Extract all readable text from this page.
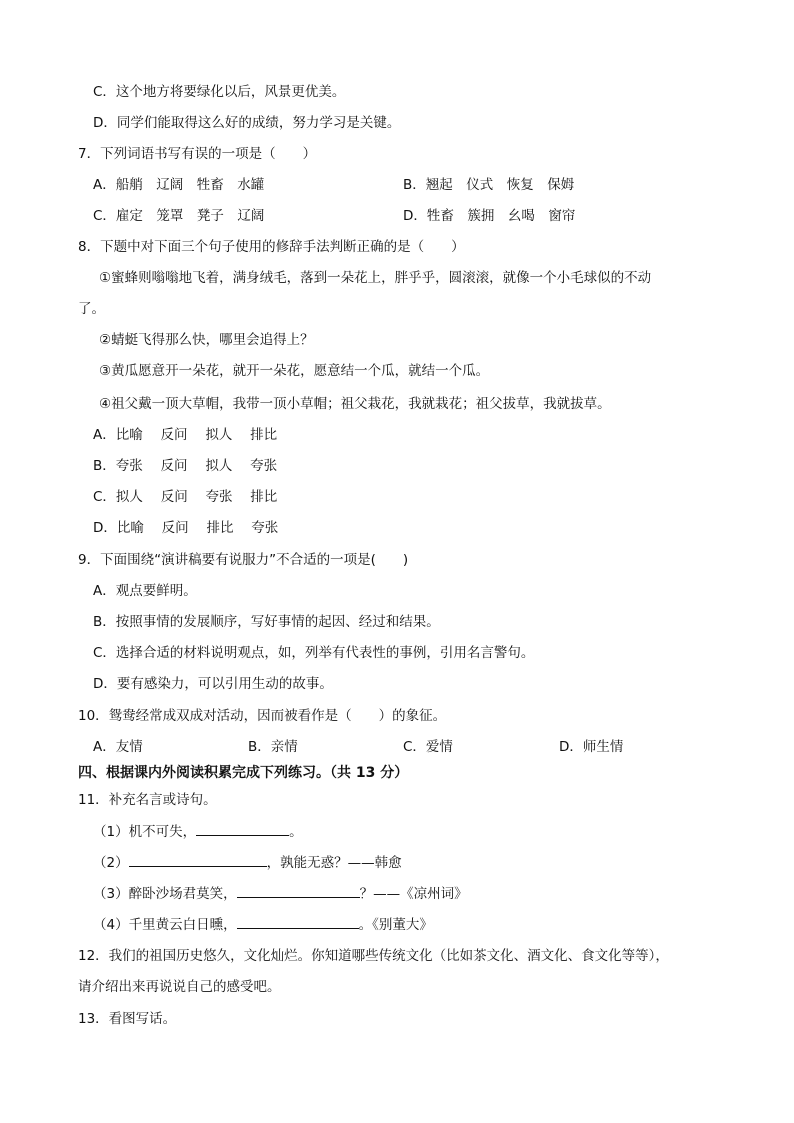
C．这个地方将要绿化以后，风景更优美。
D．同学们能取得这么好的成绩，努力学习是关键。
7．下列词语书写有误的一项是（　　）
A．船艄　辽阔　牲畜　水罐	B．翘起　仪式　恢复　保姆
C．雇定　笼罩　凳子　辽阔	D．牲畜　簇拥　幺喝　窗帘
8．下题中对下面三个句子使用的修辞手法判断正确的是（　　）
①蜜蜂则嗡嗡地飞着，满身绒毛，落到一朵花上，胖乎乎，圆滚滚，就像一个小毛球似的不动
了。
②蜻蜓飞得那么快，哪里会追得上？
③黄瓜愿意开一朵花，就开一朵花，愿意结一个瓜，就结一个瓜。
④祖父戴一顶大草帽，我带一顶小草帽；祖父栽花，我就栽花；祖父拔草，我就拔草。
A．比喻　 反问　 拟人　 排比
B．夸张　 反问　 拟人　 夸张
C．拟人　 反问　 夸张　 排比
D．比喻　 反问　 排比　 夸张
9．下面围绕“演讲稿要有说服力”不合适的一项是(　　)
A．观点要鲜明。
B．按照事情的发展顺序，写好事情的起因、经过和结果。
C．选择合适的材料说明观点，如，列举有代表性的事例，引用名言警句。
D．要有感染力，可以引用生动的故事。
10．鸳鸯经常成双成对活动，因而被看作是（　　）的象征。
A．友情	B．亲情	C．爱情	D．师生情
四、根据课内外阅读积累完成下列练习。（共 13 分）
11．补充名言或诗句。
（1）机不可失，	。
（2）	，孰能无惑？——韩愈
（3）醉卧沙场君莫笑，	？——《凉州词》
（4）千里黄云白日曛，	。《别董大》
12．我们的祖国历史悠久，文化灿烂。你知道哪些传统文化（比如茶文化、酒文化、食文化等等），
请介绍出来再说说自己的感受吧。
13．看图写话。
